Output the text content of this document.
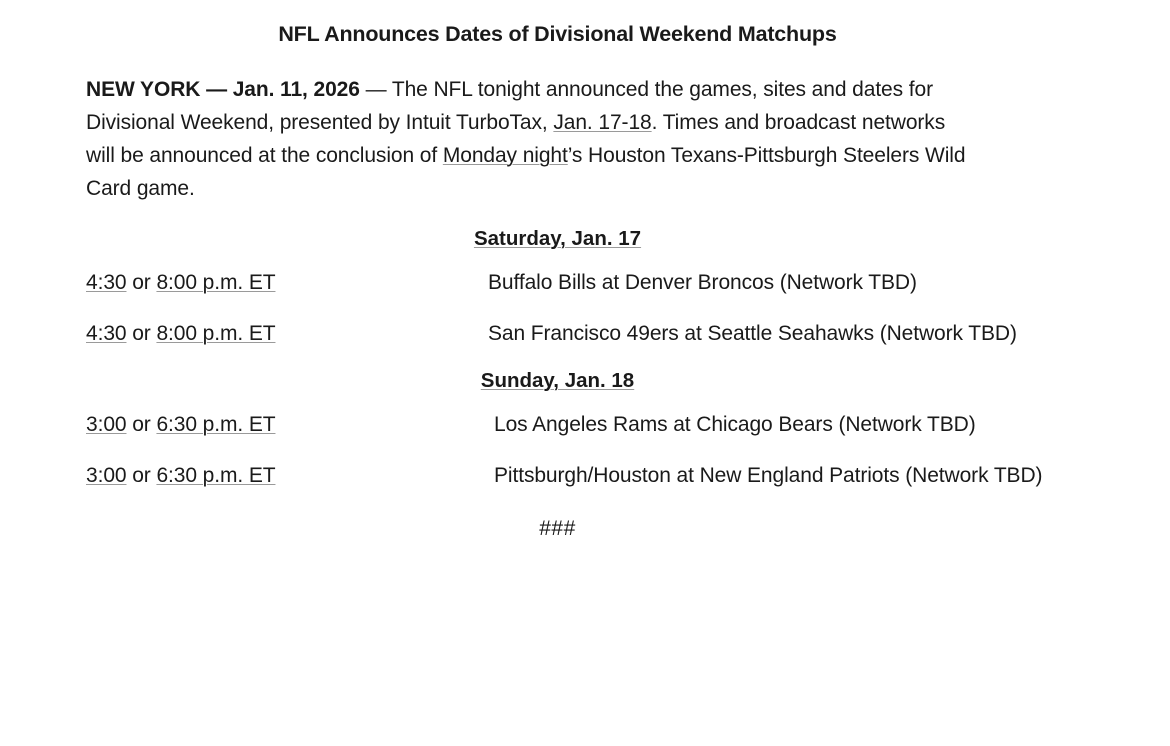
NFL Announces Dates of Divisional Weekend Matchups

NEW YORK — Jan. 11, 2026 — The NFL tonight announced the games, sites and dates for Divisional Weekend, presented by Intuit TurboTax, Jan. 17-18. Times and broadcast networks will be announced at the conclusion of Monday night’s Houston Texans-Pittsburgh Steelers Wild Card game.

Saturday, Jan. 17
4:30 or 8:00 p.m. ET	Buffalo Bills at Denver Broncos (Network TBD)
4:30 or 8:00 p.m. ET	San Francisco 49ers at Seattle Seahawks (Network TBD)
Sunday, Jan. 18
3:00 or 6:30 p.m. ET	Los Angeles Rams at Chicago Bears (Network TBD)
3:00 or 6:30 p.m. ET	Pittsburgh/Houston at New England Patriots (Network TBD)
###
